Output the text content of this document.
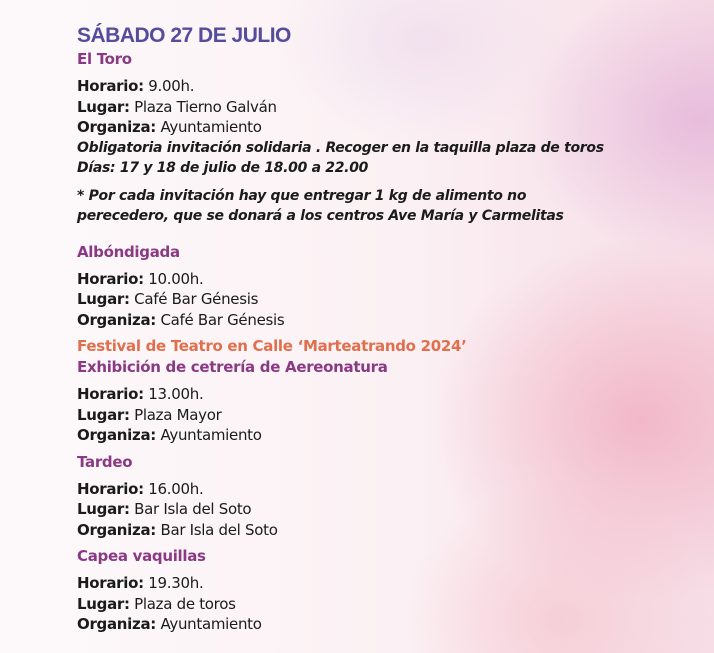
SÁBADO 27 DE JULIO
El Toro
Horario: 9.00h.
Lugar: Plaza Tierno Galván
Organiza: Ayuntamiento
Obligatoria invitación solidaria . Recoger en la taquilla plaza de toros
Días: 17 y 18 de julio de 18.00 a 22.00
* Por cada invitación hay que entregar 1 kg de alimento no
perecedero, que se donará a los centros Ave María y Carmelitas
Albóndigada
Horario: 10.00h.
Lugar: Café Bar Génesis
Organiza: Café Bar Génesis
Festival de Teatro en Calle ‘Marteatrando 2024’
Exhibición de cetrería de Aereonatura
Horario: 13.00h.
Lugar: Plaza Mayor
Organiza: Ayuntamiento
Tardeo
Horario: 16.00h.
Lugar: Bar Isla del Soto
Organiza: Bar Isla del Soto
Capea vaquillas
Horario: 19.30h.
Lugar: Plaza de toros
Organiza: Ayuntamiento
